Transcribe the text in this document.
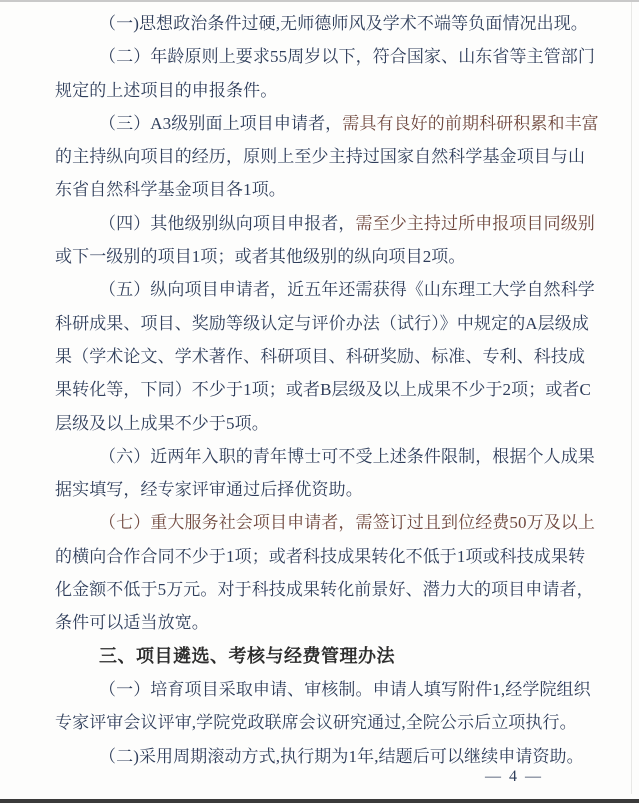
（一)思想政治条件过硬,无师德师风及学术不端等负面情况出现。
（二）年龄原则上要求55周岁以下，符合国家、山东省等主管部门
规定的上述项目的申报条件。
（三）A3级别面上项目申请者，需具有良好的前期科研积累和丰富
的主持纵向项目的经历，原则上至少主持过国家自然科学基金项目与山
东省自然科学基金项目各1项。
（四）其他级别纵向项目申报者，需至少主持过所申报项目同级别
或下一级别的项目1项；或者其他级别的纵向项目2项。
（五）纵向项目申请者，近五年还需获得《山东理工大学自然科学
科研成果、项目、奖励等级认定与评价办法（试行）》中规定的A层级成
果（学术论文、学术著作、科研项目、科研奖励、标准、专利、科技成
果转化等，下同）不少于1项；或者B层级及以上成果不少于2项；或者C
层级及以上成果不少于5项。
（六）近两年入职的青年博士可不受上述条件限制，根据个人成果
据实填写，经专家评审通过后择优资助。
（七）重大服务社会项目申请者，需签订过且到位经费50万及以上
的横向合作合同不少于1项；或者科技成果转化不低于1项或科技成果转
化金额不低于5万元。对于科技成果转化前景好、潜力大的项目申请者，
条件可以适当放宽。
三、项目遴选、考核与经费管理办法
（一）培育项目采取申请、审核制。申请人填写附件1,经学院组织
专家评审会议评审,学院党政联席会议研究通过,全院公示后立项执行。
（二)采用周期滚动方式,执行期为1年,结题后可以继续申请资助。
— 4 —
